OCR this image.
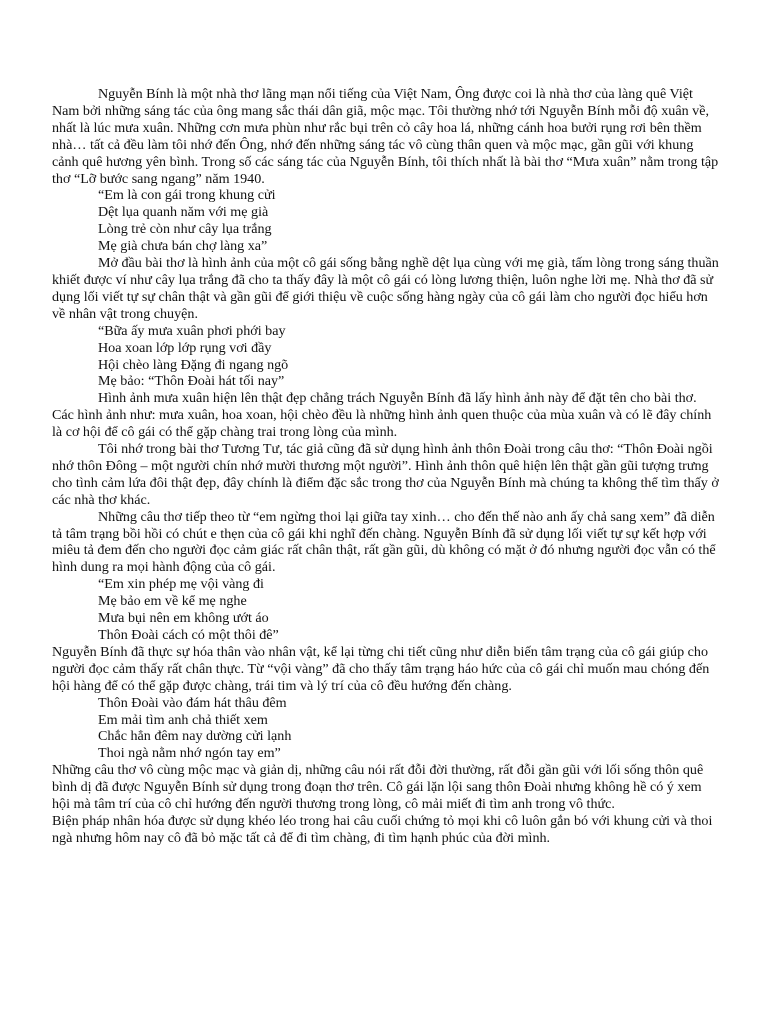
Nguyễn Bính là một nhà thơ lãng mạn nổi tiếng của Việt Nam, Ông được coi là nhà thơ của làng quê Việt Nam bởi những sáng tác của ông mang sắc thái dân giã, mộc mạc. Tôi thường nhớ tới Nguyễn Bính mỗi độ xuân về, nhất là lúc mưa xuân. Những cơn mưa phùn như rắc bụi trên cỏ cây hoa lá, những cánh hoa bưởi rụng rơi bên thềm nhà… tất cả đều làm tôi nhớ đến Ông, nhớ đến những sáng tác vô cùng thân quen và mộc mạc, gần gũi với khung cảnh quê hương yên bình. Trong số các sáng tác của Nguyễn Bính, tôi thích nhất là bài thơ “Mưa xuân” nằm trong tập thơ “Lỡ bước sang ngang” năm 1940.

“Em là con gái trong khung cửi

Dệt lụa quanh năm với mẹ già

Lòng trẻ còn như cây lụa trắng

Mẹ già chưa bán chợ làng xa”

Mở đầu bài thơ là hình ảnh của một cô gái sống bằng nghề dệt lụa cùng với mẹ già, tấm lòng trong sáng thuần khiết được ví như cây lụa trắng đã cho ta thấy đây là một cô gái có lòng lương thiện, luôn nghe lời mẹ. Nhà thơ đã sử dụng lối viết tự sự chân thật và gần gũi để giới thiệu về cuộc sống hàng ngày của cô gái làm cho người đọc hiểu hơn về nhân vật trong chuyện.

“Bữa ấy mưa xuân phơi phới bay

Hoa xoan lớp lớp rụng vơi đầy

Hội chèo làng Đặng đi ngang ngõ

Mẹ bảo: “Thôn Đoài hát tối nay”

Hình ảnh mưa xuân hiện lên thật đẹp chẳng trách Nguyễn Bính đã lấy hình ảnh này để đặt tên cho bài thơ. Các hình ảnh như: mưa xuân, hoa xoan, hội chèo đều là những hình ảnh quen thuộc của mùa xuân và có lẽ đây chính là cơ hội để cô gái có thể gặp chàng trai trong lòng của mình.

Tôi nhớ trong bài thơ Tương Tư, tác giả cũng đã sử dụng hình ảnh thôn Đoài trong câu thơ: “Thôn Đoài ngồi nhớ thôn Đông – một người chín nhớ mười thương một người”. Hình ảnh thôn quê hiện lên thật gần gũi tượng trưng cho tình cảm lứa đôi thật đẹp, đây chính là điểm đặc sắc trong thơ của Nguyễn Bính mà chúng ta không thể tìm thấy ở các nhà thơ khác.

Những câu thơ tiếp theo từ “em ngừng thoi lại giữa tay xinh… cho đến thế nào anh ấy chả sang xem” đã diễn tả tâm trạng bồi hồi có chút e thẹn của cô gái khi nghĩ đến chàng. Nguyễn Bính đã sử dụng lối viết tự sự kết hợp với miêu tả đem đến cho người đọc cảm giác rất chân thật, rất gần gũi, dù không có mặt ở đó nhưng người đọc vẫn có thể hình dung ra mọi hành động của cô gái.

“Em xin phép mẹ vội vàng đi

Mẹ bảo em về kể mẹ nghe

Mưa bụi nên em không ướt áo

Thôn Đoài cách có một thôi đê”

Nguyễn Bính đã thực sự hóa thân vào nhân vật, kể lại từng chi tiết cũng như diễn biến tâm trạng của cô gái giúp cho người đọc cảm thấy rất chân thực. Từ “vội vàng” đã cho thấy tâm trạng háo hức của cô gái chỉ muốn mau chóng đến hội hàng để có thể gặp được chàng, trái tim và lý trí của cô đều hướng đến chàng.

Thôn Đoài vào đám hát thâu đêm

Em mải tìm anh chả thiết xem

Chắc hẳn đêm nay dường cửi lạnh

Thoi ngà nằm nhớ ngón tay em”

Những câu thơ vô cùng mộc mạc và giản dị, những câu nói rất đỗi đời thường, rất đỗi gần gũi với lối sống thôn quê bình dị đã được Nguyễn Bính sử dụng trong đoạn thơ trên. Cô gái lặn lội sang thôn Đoài nhưng không hề có ý xem hội mà tâm trí của cô chỉ hướng đến người thương trong lòng, cô mải miết đi tìm anh trong vô thức.

Biện pháp nhân hóa được sử dụng khéo léo trong hai câu cuối chứng tỏ mọi khi cô luôn gắn bó với khung cửi và thoi ngà nhưng hôm nay cô đã bỏ mặc tất cả để đi tìm chàng, đi tìm hạnh phúc của đời mình.
